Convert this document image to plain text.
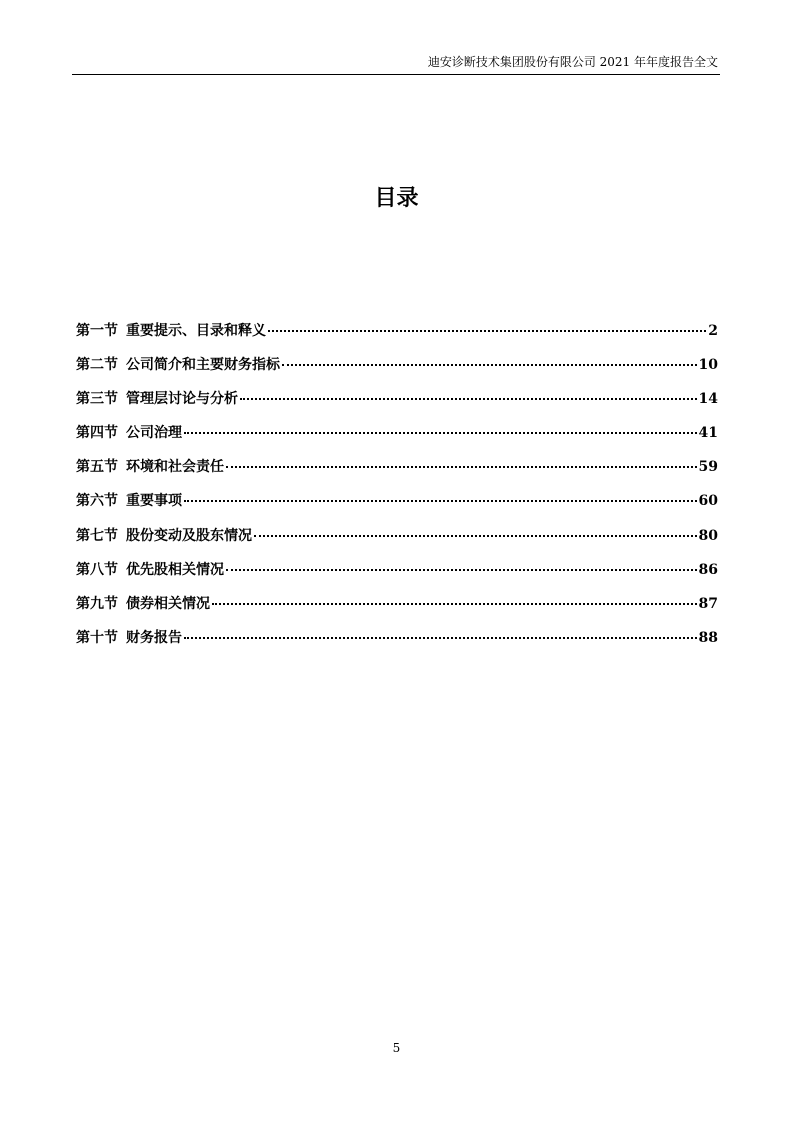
迪安诊断技术集团股份有限公司 2021 年年度报告全文
目录
第一节 重要提示、目录和释义	2
第二节 公司简介和主要财务指标	10
第三节 管理层讨论与分析	14
第四节 公司治理	41
第五节 环境和社会责任	59
第六节 重要事项	60
第七节 股份变动及股东情况	80
第八节 优先股相关情况	86
第九节 债券相关情况	87
第十节 财务报告	88
5
